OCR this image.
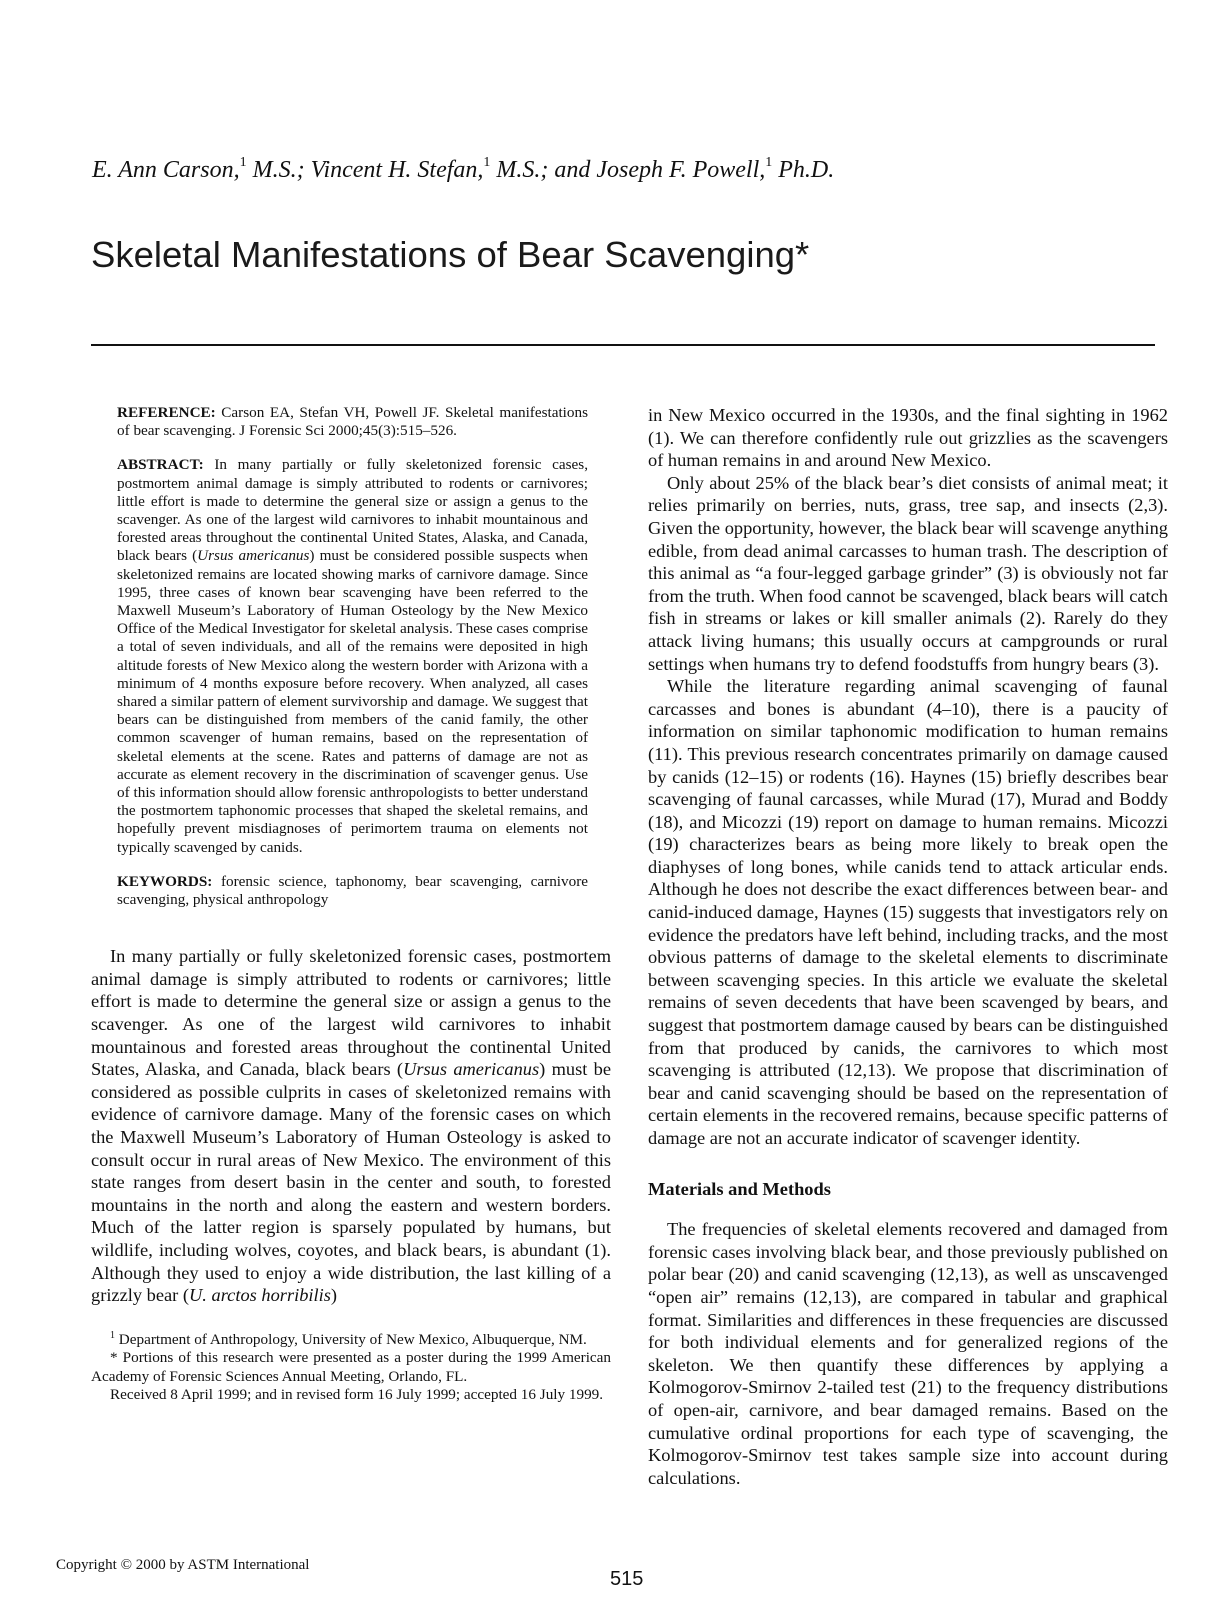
E. Ann Carson,$^1$ M.S.; Vincent H. Stefan,$^1$ M.S.; and Joseph F. Powell,$^1$ Ph.D.
Skeletal Manifestations of Bear Scavenging*

REFERENCE: Carson EA, Stefan VH, Powell JF. Skeletal manifestations of bear scavenging. J Forensic Sci 2000;45(3):515–526.

ABSTRACT: In many partially or fully skeletonized forensic cases, postmortem animal damage is simply attributed to rodents or carnivores; little effort is made to determine the general size or assign a genus to the scavenger. As one of the largest wild carnivores to inhabit mountainous and forested areas throughout the continental United States, Alaska, and Canada, black bears (Ursus americanus) must be considered possible suspects when skeletonized remains are located showing marks of carnivore damage. Since 1995, three cases of known bear scavenging have been referred to the Maxwell Museum’s Laboratory of Human Osteology by the New Mexico Office of the Medical Investigator for skeletal analysis. These cases comprise a total of seven individuals, and all of the remains were deposited in high altitude forests of New Mexico along the western border with Arizona with a minimum of 4 months exposure before recovery. When analyzed, all cases shared a similar pattern of element survivorship and damage. We suggest that bears can be distinguished from members of the canid family, the other common scavenger of human remains, based on the representation of skeletal elements at the scene. Rates and patterns of damage are not as accurate as element recovery in the discrimination of scavenger genus. Use of this information should allow forensic anthropologists to better understand the postmortem taphonomic processes that shaped the skeletal remains, and hopefully prevent misdiagnoses of perimortem trauma on elements not typically scavenged by canids.

KEYWORDS: forensic science, taphonomy, bear scavenging, carnivore scavenging, physical anthropology

In many partially or fully skeletonized forensic cases, postmortem animal damage is simply attributed to rodents or carnivores; little effort is made to determine the general size or assign a genus to the scavenger. As one of the largest wild carnivores to inhabit mountainous and forested areas throughout the continental United States, Alaska, and Canada, black bears (Ursus americanus) must be considered as possible culprits in cases of skeletonized remains with evidence of carnivore damage. Many of the forensic cases on which the Maxwell Museum’s Laboratory of Human Osteology is asked to consult occur in rural areas of New Mexico. The environment of this state ranges from desert basin in the center and south, to forested mountains in the north and along the eastern and western borders. Much of the latter region is sparsely populated by humans, but wildlife, including wolves, coyotes, and black bears, is abundant (1). Although they used to enjoy a wide distribution, the last killing of a grizzly bear (U. arctos horribilis)

$^1$ Department of Anthropology, University of New Mexico, Albuquerque, NM.

* Portions of this research were presented as a poster during the 1999 American Academy of Forensic Sciences Annual Meeting, Orlando, FL.

Received 8 April 1999; and in revised form 16 July 1999; accepted 16 July 1999.

in New Mexico occurred in the 1930s, and the final sighting in 1962 (1). We can therefore confidently rule out grizzlies as the scavengers of human remains in and around New Mexico.

Only about 25% of the black bear’s diet consists of animal meat; it relies primarily on berries, nuts, grass, tree sap, and insects (2,3). Given the opportunity, however, the black bear will scavenge anything edible, from dead animal carcasses to human trash. The description of this animal as “a four-legged garbage grinder” (3) is obviously not far from the truth. When food cannot be scavenged, black bears will catch fish in streams or lakes or kill smaller animals (2). Rarely do they attack living humans; this usually occurs at campgrounds or rural settings when humans try to defend foodstuffs from hungry bears (3).

While the literature regarding animal scavenging of faunal carcasses and bones is abundant (4–10), there is a paucity of information on similar taphonomic modification to human remains (11). This previous research concentrates primarily on damage caused by canids (12–15) or rodents (16). Haynes (15) briefly describes bear scavenging of faunal carcasses, while Murad (17), Murad and Boddy (18), and Micozzi (19) report on damage to human remains. Micozzi (19) characterizes bears as being more likely to break open the diaphyses of long bones, while canids tend to attack articular ends. Although he does not describe the exact differences between bear- and canid-induced damage, Haynes (15) suggests that investigators rely on evidence the predators have left behind, including tracks, and the most obvious patterns of damage to the skeletal elements to discriminate between scavenging species. In this article we evaluate the skeletal remains of seven decedents that have been scavenged by bears, and suggest that postmortem damage caused by bears can be distinguished from that produced by canids, the carnivores to which most scavenging is attributed (12,13). We propose that discrimination of bear and canid scavenging should be based on the representation of certain elements in the recovered remains, because specific patterns of damage are not an accurate indicator of scavenger identity.

Materials and Methods

The frequencies of skeletal elements recovered and damaged from forensic cases involving black bear, and those previously published on polar bear (20) and canid scavenging (12,13), as well as unscavenged “open air” remains (12,13), are compared in tabular and graphical format. Similarities and differences in these frequencies are discussed for both individual elements and for generalized regions of the skeleton. We then quantify these differences by applying a Kolmogorov-Smirnov 2-tailed test (21) to the frequency distributions of open-air, carnivore, and bear damaged remains. Based on the cumulative ordinal proportions for each type of scavenging, the Kolmogorov-Smirnov test takes sample size into account during calculations.

Copyright © 2000 by ASTM International
515
